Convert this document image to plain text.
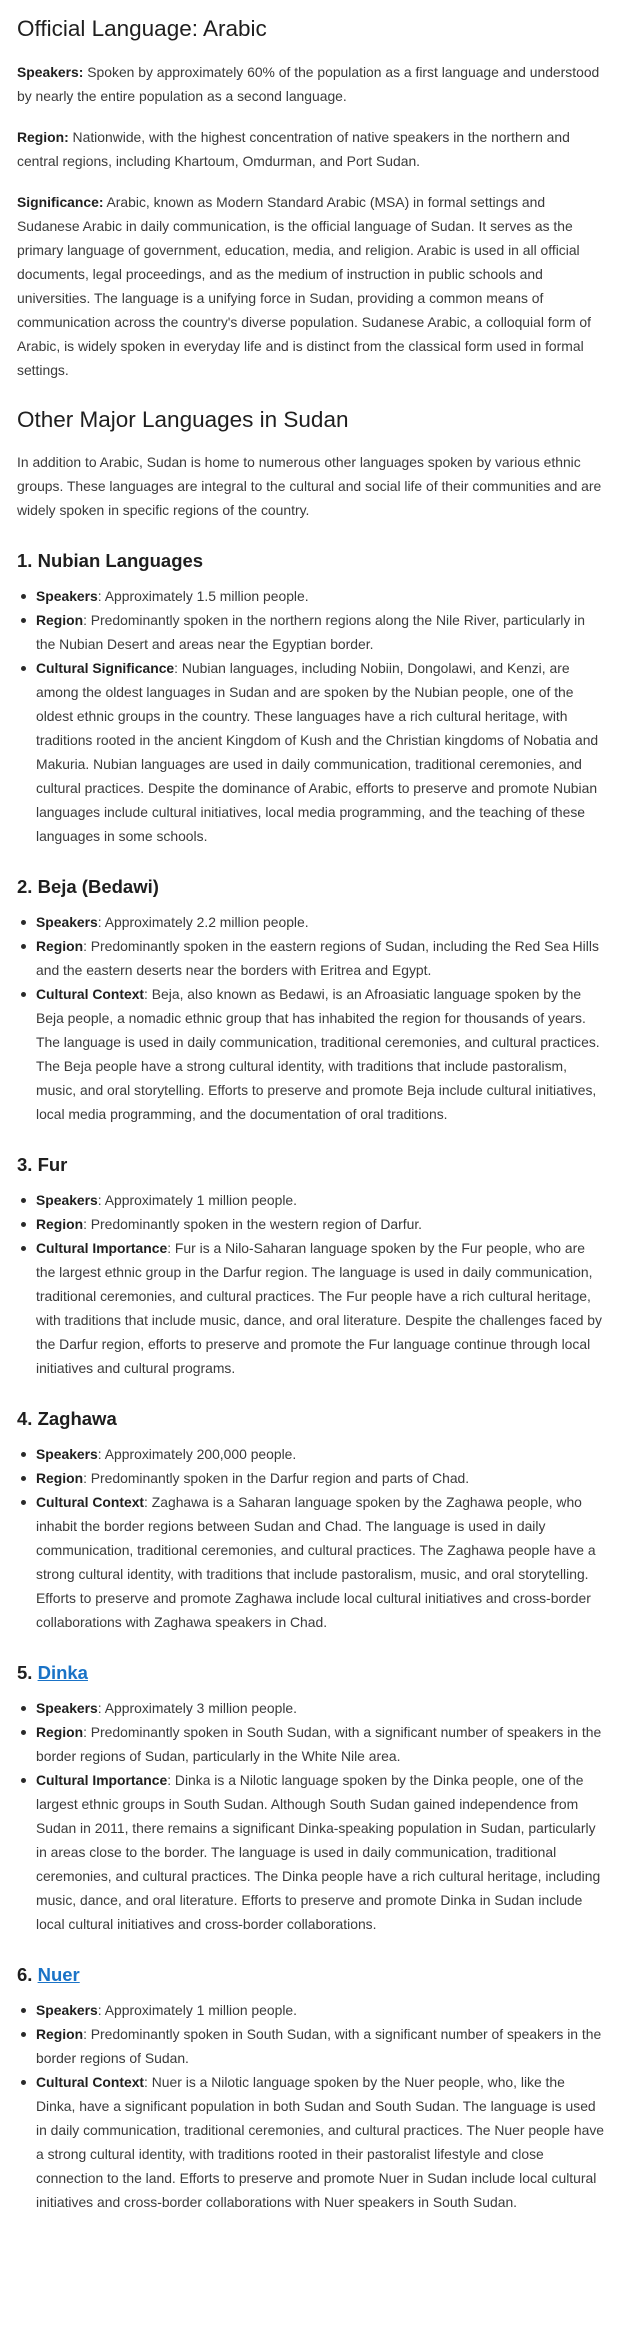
Official Language: Arabic

Speakers: Spoken by approximately 60% of the population as a first language and understood by nearly the entire population as a second language.

Region: Nationwide, with the highest concentration of native speakers in the northern and central regions, including Khartoum, Omdurman, and Port Sudan.

Significance: Arabic, known as Modern Standard Arabic (MSA) in formal settings and Sudanese Arabic in daily communication, is the official language of Sudan. It serves as the primary language of government, education, media, and religion. Arabic is used in all official documents, legal proceedings, and as the medium of instruction in public schools and universities. The language is a unifying force in Sudan, providing a common means of communication across the country's diverse population. Sudanese Arabic, a colloquial form of Arabic, is widely spoken in everyday life and is distinct from the classical form used in formal settings.

Other Major Languages in Sudan

In addition to Arabic, Sudan is home to numerous other languages spoken by various ethnic groups. These languages are integral to the cultural and social life of their communities and are widely spoken in specific regions of the country.

1. Nubian Languages
Speakers: Approximately 1.5 million people.
Region: Predominantly spoken in the northern regions along the Nile River, particularly in the Nubian Desert and areas near the Egyptian border.
Cultural Significance: Nubian languages, including Nobiin, Dongolawi, and Kenzi, are among the oldest languages in Sudan and are spoken by the Nubian people, one of the oldest ethnic groups in the country. These languages have a rich cultural heritage, with traditions rooted in the ancient Kingdom of Kush and the Christian kingdoms of Nobatia and Makuria. Nubian languages are used in daily communication, traditional ceremonies, and cultural practices. Despite the dominance of Arabic, efforts to preserve and promote Nubian languages include cultural initiatives, local media programming, and the teaching of these languages in some schools.
2. Beja (Bedawi)
Speakers: Approximately 2.2 million people.
Region: Predominantly spoken in the eastern regions of Sudan, including the Red Sea Hills and the eastern deserts near the borders with Eritrea and Egypt.
Cultural Context: Beja, also known as Bedawi, is an Afroasiatic language spoken by the Beja people, a nomadic ethnic group that has inhabited the region for thousands of years. The language is used in daily communication, traditional ceremonies, and cultural practices. The Beja people have a strong cultural identity, with traditions that include pastoralism, music, and oral storytelling. Efforts to preserve and promote Beja include cultural initiatives, local media programming, and the documentation of oral traditions.
3. Fur
Speakers: Approximately 1 million people.
Region: Predominantly spoken in the western region of Darfur.
Cultural Importance: Fur is a Nilo-Saharan language spoken by the Fur people, who are the largest ethnic group in the Darfur region. The language is used in daily communication, traditional ceremonies, and cultural practices. The Fur people have a rich cultural heritage, with traditions that include music, dance, and oral literature. Despite the challenges faced by the Darfur region, efforts to preserve and promote the Fur language continue through local initiatives and cultural programs.
4. Zaghawa
Speakers: Approximately 200,000 people.
Region: Predominantly spoken in the Darfur region and parts of Chad.
Cultural Context: Zaghawa is a Saharan language spoken by the Zaghawa people, who inhabit the border regions between Sudan and Chad. The language is used in daily communication, traditional ceremonies, and cultural practices. The Zaghawa people have a strong cultural identity, with traditions that include pastoralism, music, and oral storytelling. Efforts to preserve and promote Zaghawa include local cultural initiatives and cross-border collaborations with Zaghawa speakers in Chad.
5. Dinka
Speakers: Approximately 3 million people.
Region: Predominantly spoken in South Sudan, with a significant number of speakers in the border regions of Sudan, particularly in the White Nile area.
Cultural Importance: Dinka is a Nilotic language spoken by the Dinka people, one of the largest ethnic groups in South Sudan. Although South Sudan gained independence from Sudan in 2011, there remains a significant Dinka-speaking population in Sudan, particularly in areas close to the border. The language is used in daily communication, traditional ceremonies, and cultural practices. The Dinka people have a rich cultural heritage, including music, dance, and oral literature. Efforts to preserve and promote Dinka in Sudan include local cultural initiatives and cross-border collaborations.
6. Nuer
Speakers: Approximately 1 million people.
Region: Predominantly spoken in South Sudan, with a significant number of speakers in the border regions of Sudan.
Cultural Context: Nuer is a Nilotic language spoken by the Nuer people, who, like the Dinka, have a significant population in both Sudan and South Sudan. The language is used in daily communication, traditional ceremonies, and cultural practices. The Nuer people have a strong cultural identity, with traditions rooted in their pastoralist lifestyle and close connection to the land. Efforts to preserve and promote Nuer in Sudan include local cultural initiatives and cross-border collaborations with Nuer speakers in South Sudan.
